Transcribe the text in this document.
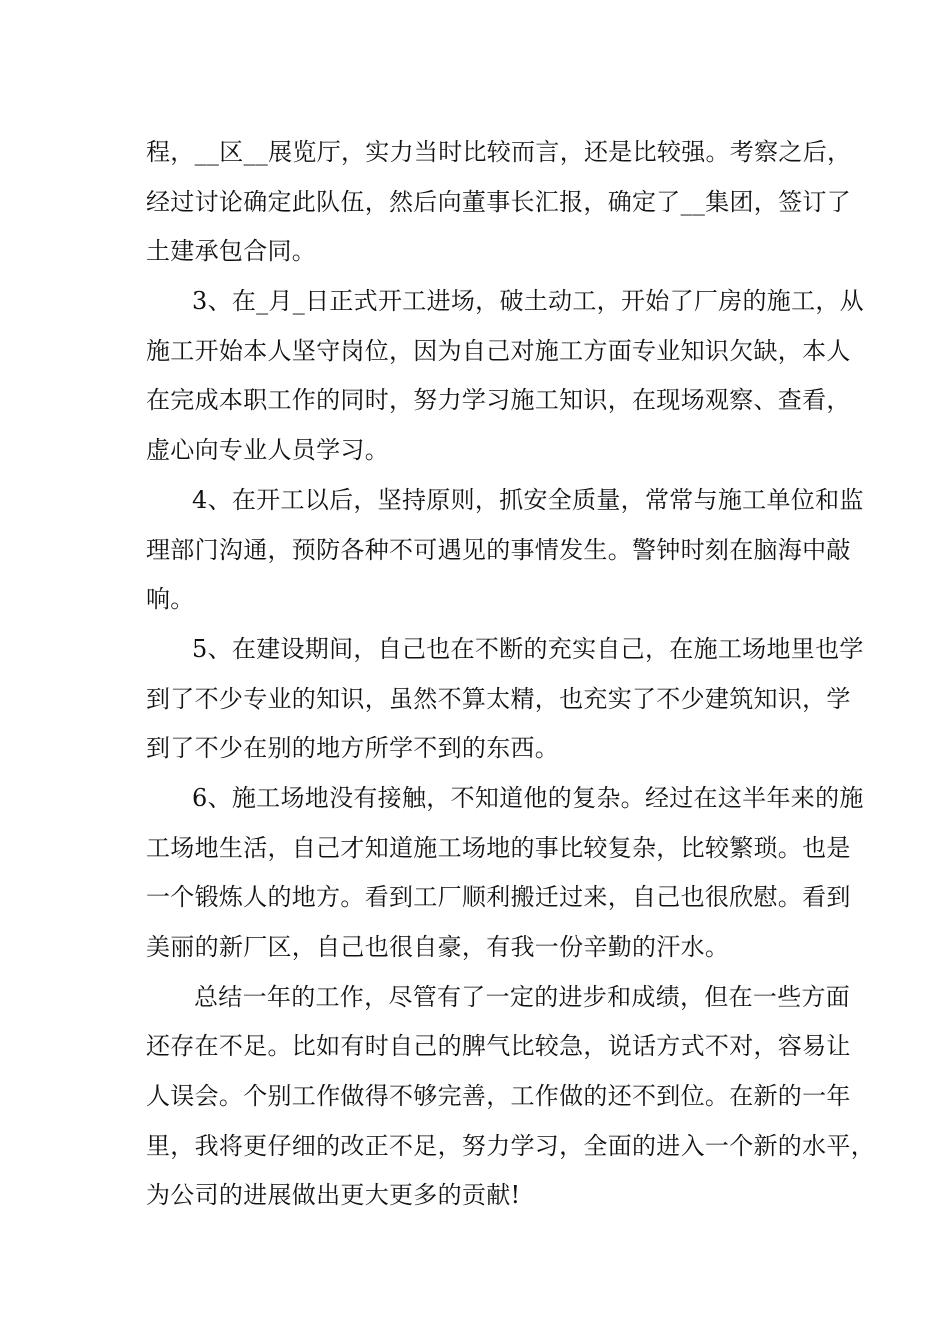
程，__区__展览厅，实力当时比较而言，还是比较强。考察之后，
经过讨论确定此队伍，然后向董事长汇报，确定了__集团，签订了
土建承包合同。
3、在_月_日正式开工进场，破土动工，开始了厂房的施工，从
施工开始本人坚守岗位，因为自己对施工方面专业知识欠缺，本人
在完成本职工作的同时，努力学习施工知识，在现场观察、查看，
虚心向专业人员学习。
4、在开工以后，坚持原则，抓安全质量，常常与施工单位和监
理部门沟通，预防各种不可遇见的事情发生。警钟时刻在脑海中敲
响。
5、在建设期间，自己也在不断的充实自己，在施工场地里也学
到了不少专业的知识，虽然不算太精，也充实了不少建筑知识，学
到了不少在别的地方所学不到的东西。
6、施工场地没有接触，不知道他的复杂。经过在这半年来的施
工场地生活，自己才知道施工场地的事比较复杂，比较繁琐。也是
一个锻炼人的地方。看到工厂顺利搬迁过来，自己也很欣慰。看到
美丽的新厂区，自己也很自豪，有我一份辛勤的汗水。
总结一年的工作，尽管有了一定的进步和成绩，但在一些方面
还存在不足。比如有时自己的脾气比较急，说话方式不对，容易让
人误会。个别工作做得不够完善，工作做的还不到位。在新的一年
里，我将更仔细的改正不足，努力学习，全面的进入一个新的水平，
为公司的进展做出更大更多的贡献!
